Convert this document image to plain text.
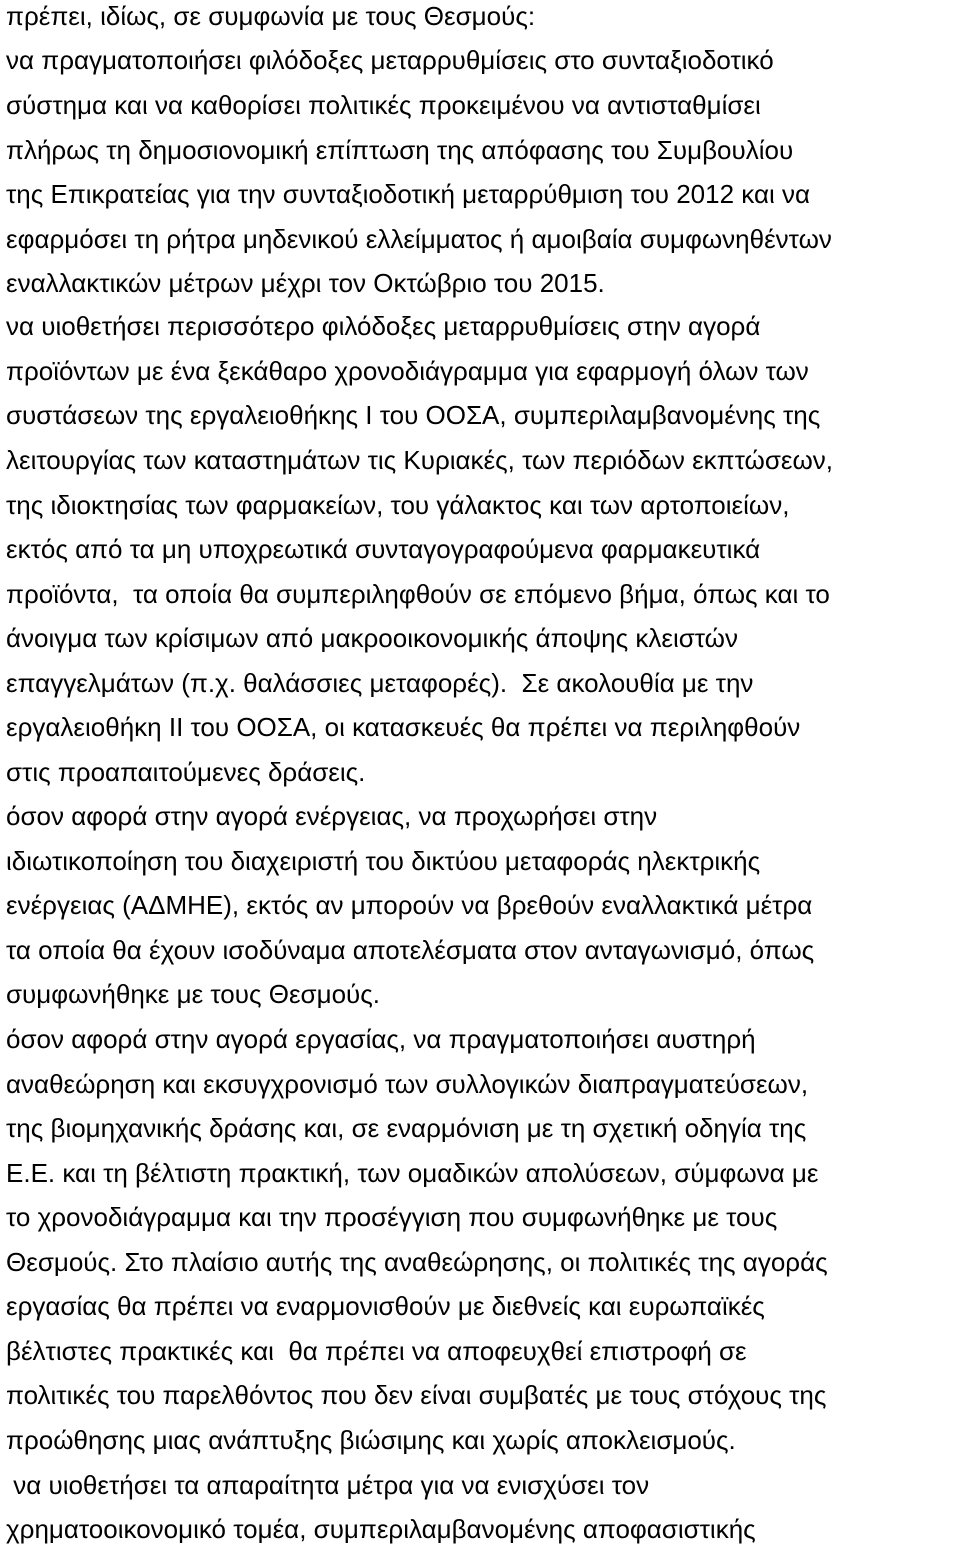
πρέπει, ιδίως, σε συμφωνία με τους Θεσμούς:
να πραγματοποιήσει φιλόδοξες μεταρρυθμίσεις στο συνταξιοδοτικό
σύστημα και να καθορίσει πολιτικές προκειμένου να αντισταθμίσει
πλήρως τη δημοσιονομική επίπτωση της απόφασης του Συμβουλίου
της Επικρατείας για την συνταξιοδοτική μεταρρύθμιση του 2012 και να
εφαρμόσει τη ρήτρα μηδενικού ελλείμματος ή αμοιβαία συμφωνηθέντων
εναλλακτικών μέτρων μέχρι τον Οκτώβριο του 2015.
να υιοθετήσει περισσότερο φιλόδοξες μεταρρυθμίσεις στην αγορά
προϊόντων με ένα ξεκάθαρο χρονοδιάγραμμα για εφαρμογή όλων των
συστάσεων της εργαλειοθήκης Ι του ΟΟΣΑ, συμπεριλαμβανομένης της
λειτουργίας των καταστημάτων τις Κυριακές, των περιόδων εκπτώσεων,
της ιδιοκτησίας των φαρμακείων, του γάλακτος και των αρτοποιείων,
εκτός από τα μη υποχρεωτικά συνταγογραφούμενα φαρμακευτικά
προϊόντα,  τα οποία θα συμπεριληφθούν σε επόμενο βήμα, όπως και το
άνοιγμα των κρίσιμων από μακροοικονομικής άποψης κλειστών
επαγγελμάτων (π.χ. θαλάσσιες μεταφορές).  Σε ακολουθία με την
εργαλειοθήκη ΙΙ του ΟΟΣΑ, οι κατασκευές θα πρέπει να περιληφθούν
στις προαπαιτούμενες δράσεις.
όσον αφορά στην αγορά ενέργειας, να προχωρήσει στην
ιδιωτικοποίηση του διαχειριστή του δικτύου μεταφοράς ηλεκτρικής
ενέργειας (ΑΔΜΗΕ), εκτός αν μπορούν να βρεθούν εναλλακτικά μέτρα
τα οποία θα έχουν ισοδύναμα αποτελέσματα στον ανταγωνισμό, όπως
συμφωνήθηκε με τους Θεσμούς.
όσον αφορά στην αγορά εργασίας, να πραγματοποιήσει αυστηρή
αναθεώρηση και εκσυγχρονισμό των συλλογικών διαπραγματεύσεων,
της βιομηχανικής δράσης και, σε εναρμόνιση με τη σχετική οδηγία της
Ε.Ε. και τη βέλτιστη πρακτική, των ομαδικών απολύσεων, σύμφωνα με
το χρονοδιάγραμμα και την προσέγγιση που συμφωνήθηκε με τους
Θεσμούς. Στο πλαίσιο αυτής της αναθεώρησης, οι πολιτικές της αγοράς
εργασίας θα πρέπει να εναρμονισθούν με διεθνείς και ευρωπαϊκές
βέλτιστες πρακτικές και  θα πρέπει να αποφευχθεί επιστροφή σε
πολιτικές του παρελθόντος που δεν είναι συμβατές με τους στόχους της
προώθησης μιας ανάπτυξης βιώσιμης και χωρίς αποκλεισμούς.
να υιοθετήσει τα απαραίτητα μέτρα για να ενισχύσει τον
χρηματοοικονομικό τομέα, συμπεριλαμβανομένης αποφασιστικής
